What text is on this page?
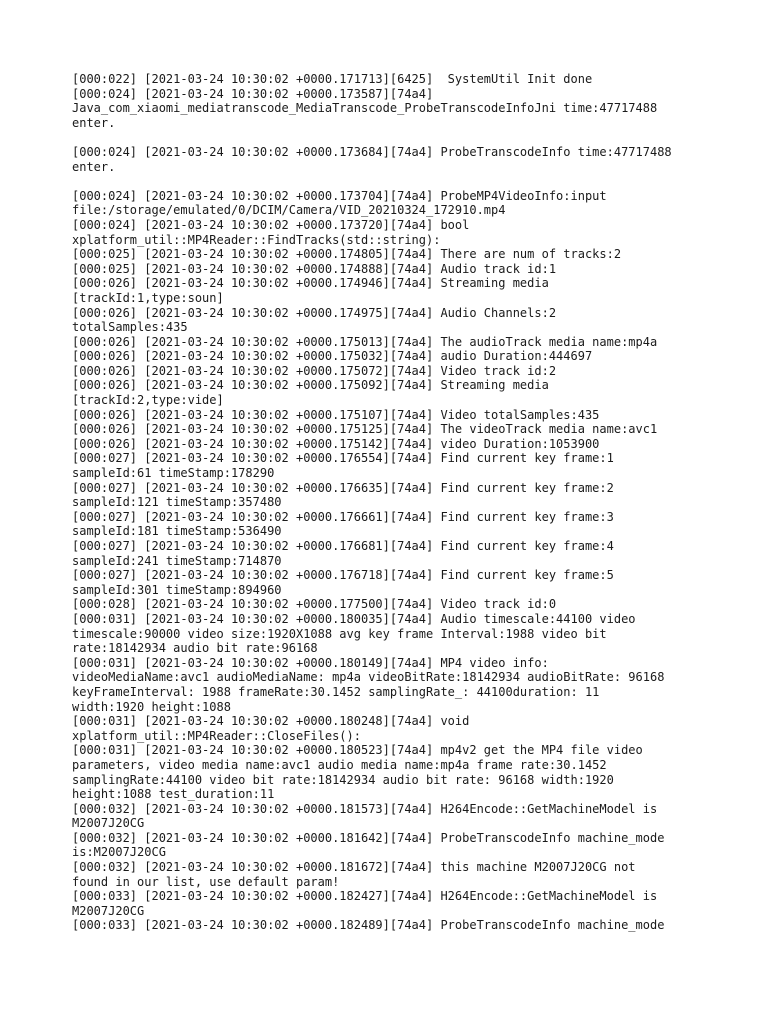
[000:022] [2021-03-24 10:30:02 +0000.171713][6425]  SystemUtil Init done
[000:024] [2021-03-24 10:30:02 +0000.173587][74a4]
Java_com_xiaomi_mediatranscode_MediaTranscode_ProbeTranscodeInfoJni time:47717488
enter.
[000:024] [2021-03-24 10:30:02 +0000.173684][74a4] ProbeTranscodeInfo time:47717488
enter.
[000:024] [2021-03-24 10:30:02 +0000.173704][74a4] ProbeMP4VideoInfo:input
file:/storage/emulated/0/DCIM/Camera/VID_20210324_172910.mp4
[000:024] [2021-03-24 10:30:02 +0000.173720][74a4] bool
xplatform_util::MP4Reader::FindTracks(std::string):
[000:025] [2021-03-24 10:30:02 +0000.174805][74a4] There are num of tracks:2
[000:025] [2021-03-24 10:30:02 +0000.174888][74a4] Audio track id:1
[000:026] [2021-03-24 10:30:02 +0000.174946][74a4] Streaming media
[trackId:1,type:soun]
[000:026] [2021-03-24 10:30:02 +0000.174975][74a4] Audio Channels:2
totalSamples:435
[000:026] [2021-03-24 10:30:02 +0000.175013][74a4] The audioTrack media name:mp4a
[000:026] [2021-03-24 10:30:02 +0000.175032][74a4] audio Duration:444697
[000:026] [2021-03-24 10:30:02 +0000.175072][74a4] Video track id:2
[000:026] [2021-03-24 10:30:02 +0000.175092][74a4] Streaming media
[trackId:2,type:vide]
[000:026] [2021-03-24 10:30:02 +0000.175107][74a4] Video totalSamples:435
[000:026] [2021-03-24 10:30:02 +0000.175125][74a4] The videoTrack media name:avc1
[000:026] [2021-03-24 10:30:02 +0000.175142][74a4] video Duration:1053900
[000:027] [2021-03-24 10:30:02 +0000.176554][74a4] Find current key frame:1
sampleId:61 timeStamp:178290
[000:027] [2021-03-24 10:30:02 +0000.176635][74a4] Find current key frame:2
sampleId:121 timeStamp:357480
[000:027] [2021-03-24 10:30:02 +0000.176661][74a4] Find current key frame:3
sampleId:181 timeStamp:536490
[000:027] [2021-03-24 10:30:02 +0000.176681][74a4] Find current key frame:4
sampleId:241 timeStamp:714870
[000:027] [2021-03-24 10:30:02 +0000.176718][74a4] Find current key frame:5
sampleId:301 timeStamp:894960
[000:028] [2021-03-24 10:30:02 +0000.177500][74a4] Video track id:0
[000:031] [2021-03-24 10:30:02 +0000.180035][74a4] Audio timescale:44100 video
timescale:90000 video size:1920X1088 avg key frame Interval:1988 video bit
rate:18142934 audio bit rate:96168
[000:031] [2021-03-24 10:30:02 +0000.180149][74a4] MP4 video info:
videoMediaName:avc1 audioMediaName: mp4a videoBitRate:18142934 audioBitRate: 96168
keyFrameInterval: 1988 frameRate:30.1452 samplingRate_: 44100duration: 11
width:1920 height:1088
[000:031] [2021-03-24 10:30:02 +0000.180248][74a4] void
xplatform_util::MP4Reader::CloseFiles():
[000:031] [2021-03-24 10:30:02 +0000.180523][74a4] mp4v2 get the MP4 file video
parameters, video media name:avc1 audio media name:mp4a frame rate:30.1452
samplingRate:44100 video bit rate:18142934 audio bit rate: 96168 width:1920
height:1088 test_duration:11
[000:032] [2021-03-24 10:30:02 +0000.181573][74a4] H264Encode::GetMachineModel is
M2007J20CG
[000:032] [2021-03-24 10:30:02 +0000.181642][74a4] ProbeTranscodeInfo machine_mode
is:M2007J20CG
[000:032] [2021-03-24 10:30:02 +0000.181672][74a4] this machine M2007J20CG not
found in our list, use default param!
[000:033] [2021-03-24 10:30:02 +0000.182427][74a4] H264Encode::GetMachineModel is
M2007J20CG
[000:033] [2021-03-24 10:30:02 +0000.182489][74a4] ProbeTranscodeInfo machine_mode
